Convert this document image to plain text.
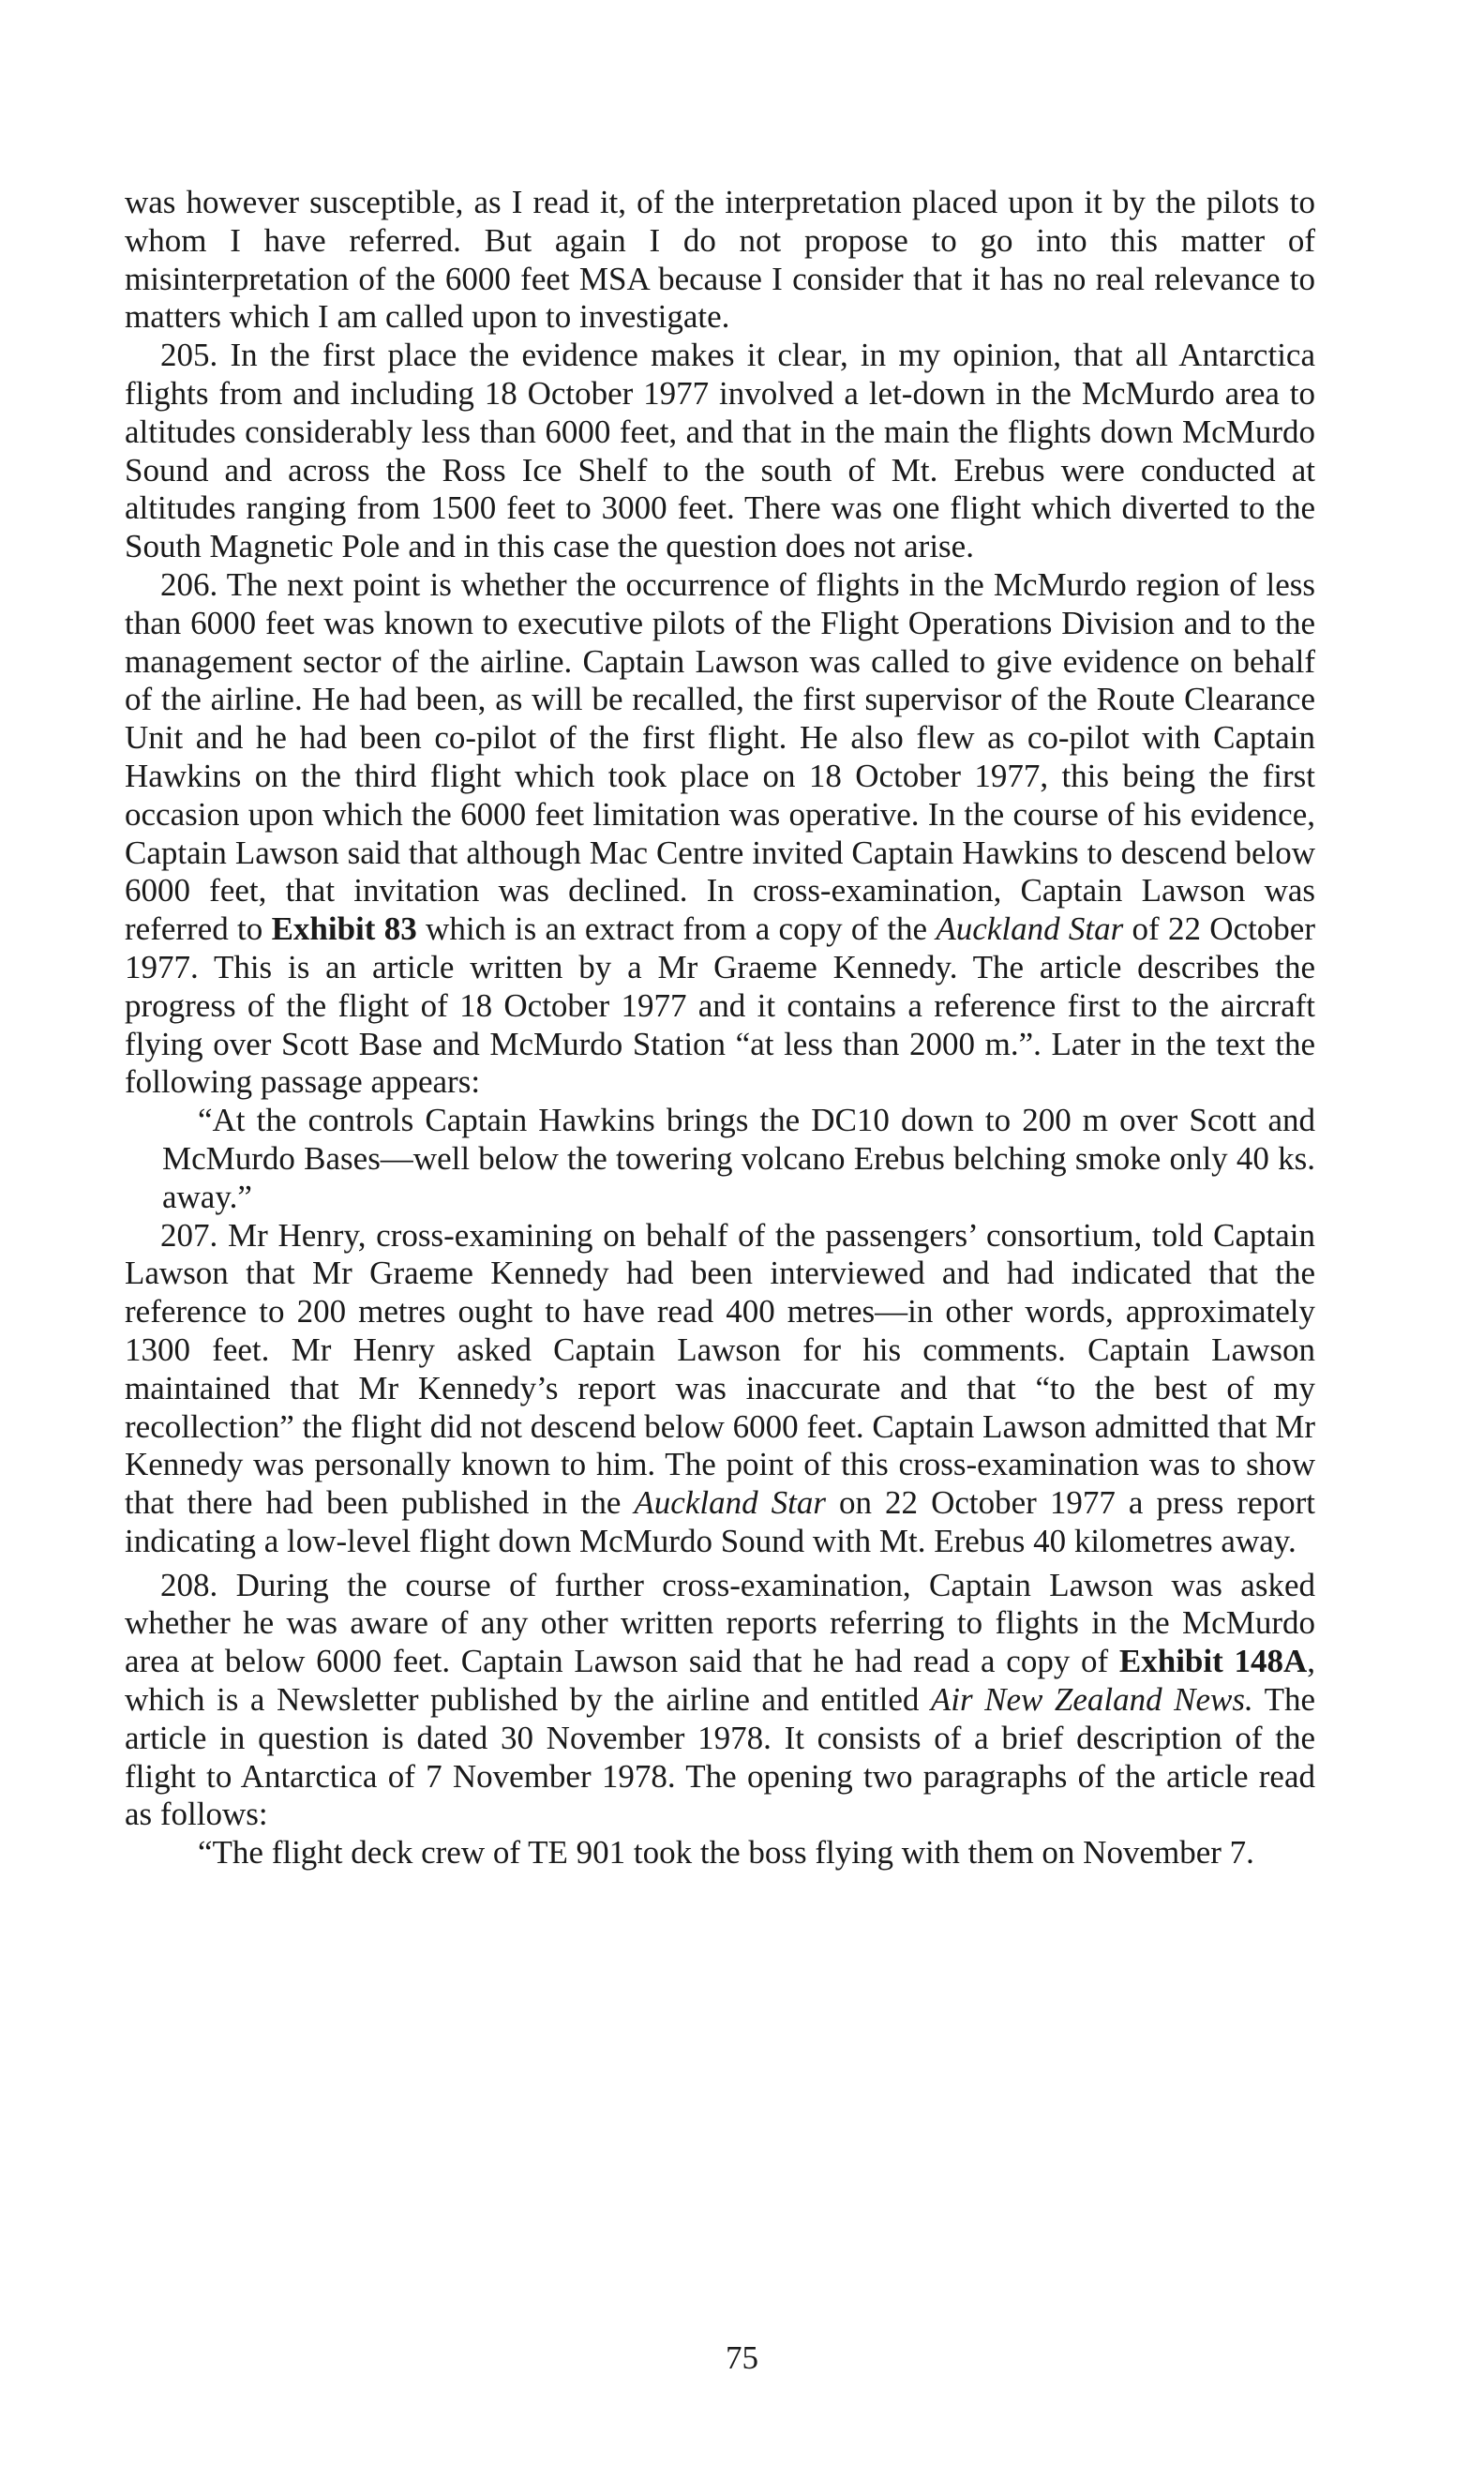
was however susceptible, as I read it, of the interpretation placed upon it by the pilots to whom I have referred. But again I do not propose to go into this matter of misinterpretation of the 6000 feet MSA because I consider that it has no real relevance to matters which I am called upon to investigate.

205. In the first place the evidence makes it clear, in my opinion, that all Antarctica flights from and including 18 October 1977 involved a let-down in the McMurdo area to altitudes considerably less than 6000 feet, and that in the main the flights down McMurdo Sound and across the Ross Ice Shelf to the south of Mt. Erebus were conducted at altitudes ranging from 1500 feet to 3000 feet. There was one flight which diverted to the South Magnetic Pole and in this case the question does not arise.

206. The next point is whether the occurrence of flights in the McMurdo region of less than 6000 feet was known to executive pilots of the Flight Operations Division and to the management sector of the airline. Captain Lawson was called to give evidence on behalf of the airline. He had been, as will be recalled, the first supervisor of the Route Clearance Unit and he had been co-pilot of the first flight. He also flew as co-pilot with Captain Hawkins on the third flight which took place on 18 October 1977, this being the first occasion upon which the 6000 feet limitation was operative. In the course of his evidence, Captain Lawson said that although Mac Centre invited Captain Hawkins to descend below 6000 feet, that invitation was declined. In cross-examination, Captain Lawson was referred to Exhibit 83 which is an extract from a copy of the Auckland Star of 22 October 1977. This is an article written by a Mr Graeme Kennedy. The article describes the progress of the flight of 18 October 1977 and it contains a reference first to the aircraft flying over Scott Base and McMurdo Station “at less than 2000 m.”. Later in the text the following passage appears:

“At the controls Captain Hawkins brings the DC10 down to 200 m over Scott and McMurdo Bases—well below the towering volcano Erebus belching smoke only 40 ks. away.”

207. Mr Henry, cross-examining on behalf of the passengers’ consortium, told Captain Lawson that Mr Graeme Kennedy had been interviewed and had indicated that the reference to 200 metres ought to have read 400 metres—in other words, approximately 1300 feet. Mr Henry asked Captain Lawson for his comments. Captain Lawson maintained that Mr Kennedy’s report was inaccurate and that “to the best of my recollection” the flight did not descend below 6000 feet. Captain Lawson admitted that Mr Kennedy was personally known to him. The point of this cross-examination was to show that there had been published in the Auckland Star on 22 October 1977 a press report indicating a low-level flight down McMurdo Sound with Mt. Erebus 40 kilometres away.

208. During the course of further cross-examination, Captain Lawson was asked whether he was aware of any other written reports referring to flights in the McMurdo area at below 6000 feet. Captain Lawson said that he had read a copy of Exhibit 148A, which is a Newsletter published by the airline and entitled Air New Zealand News. The article in question is dated 30 November 1978. It consists of a brief description of the flight to Antarctica of 7 November 1978. The opening two paragraphs of the article read as follows:

“The flight deck crew of TE 901 took the boss flying with them on November 7.

75
